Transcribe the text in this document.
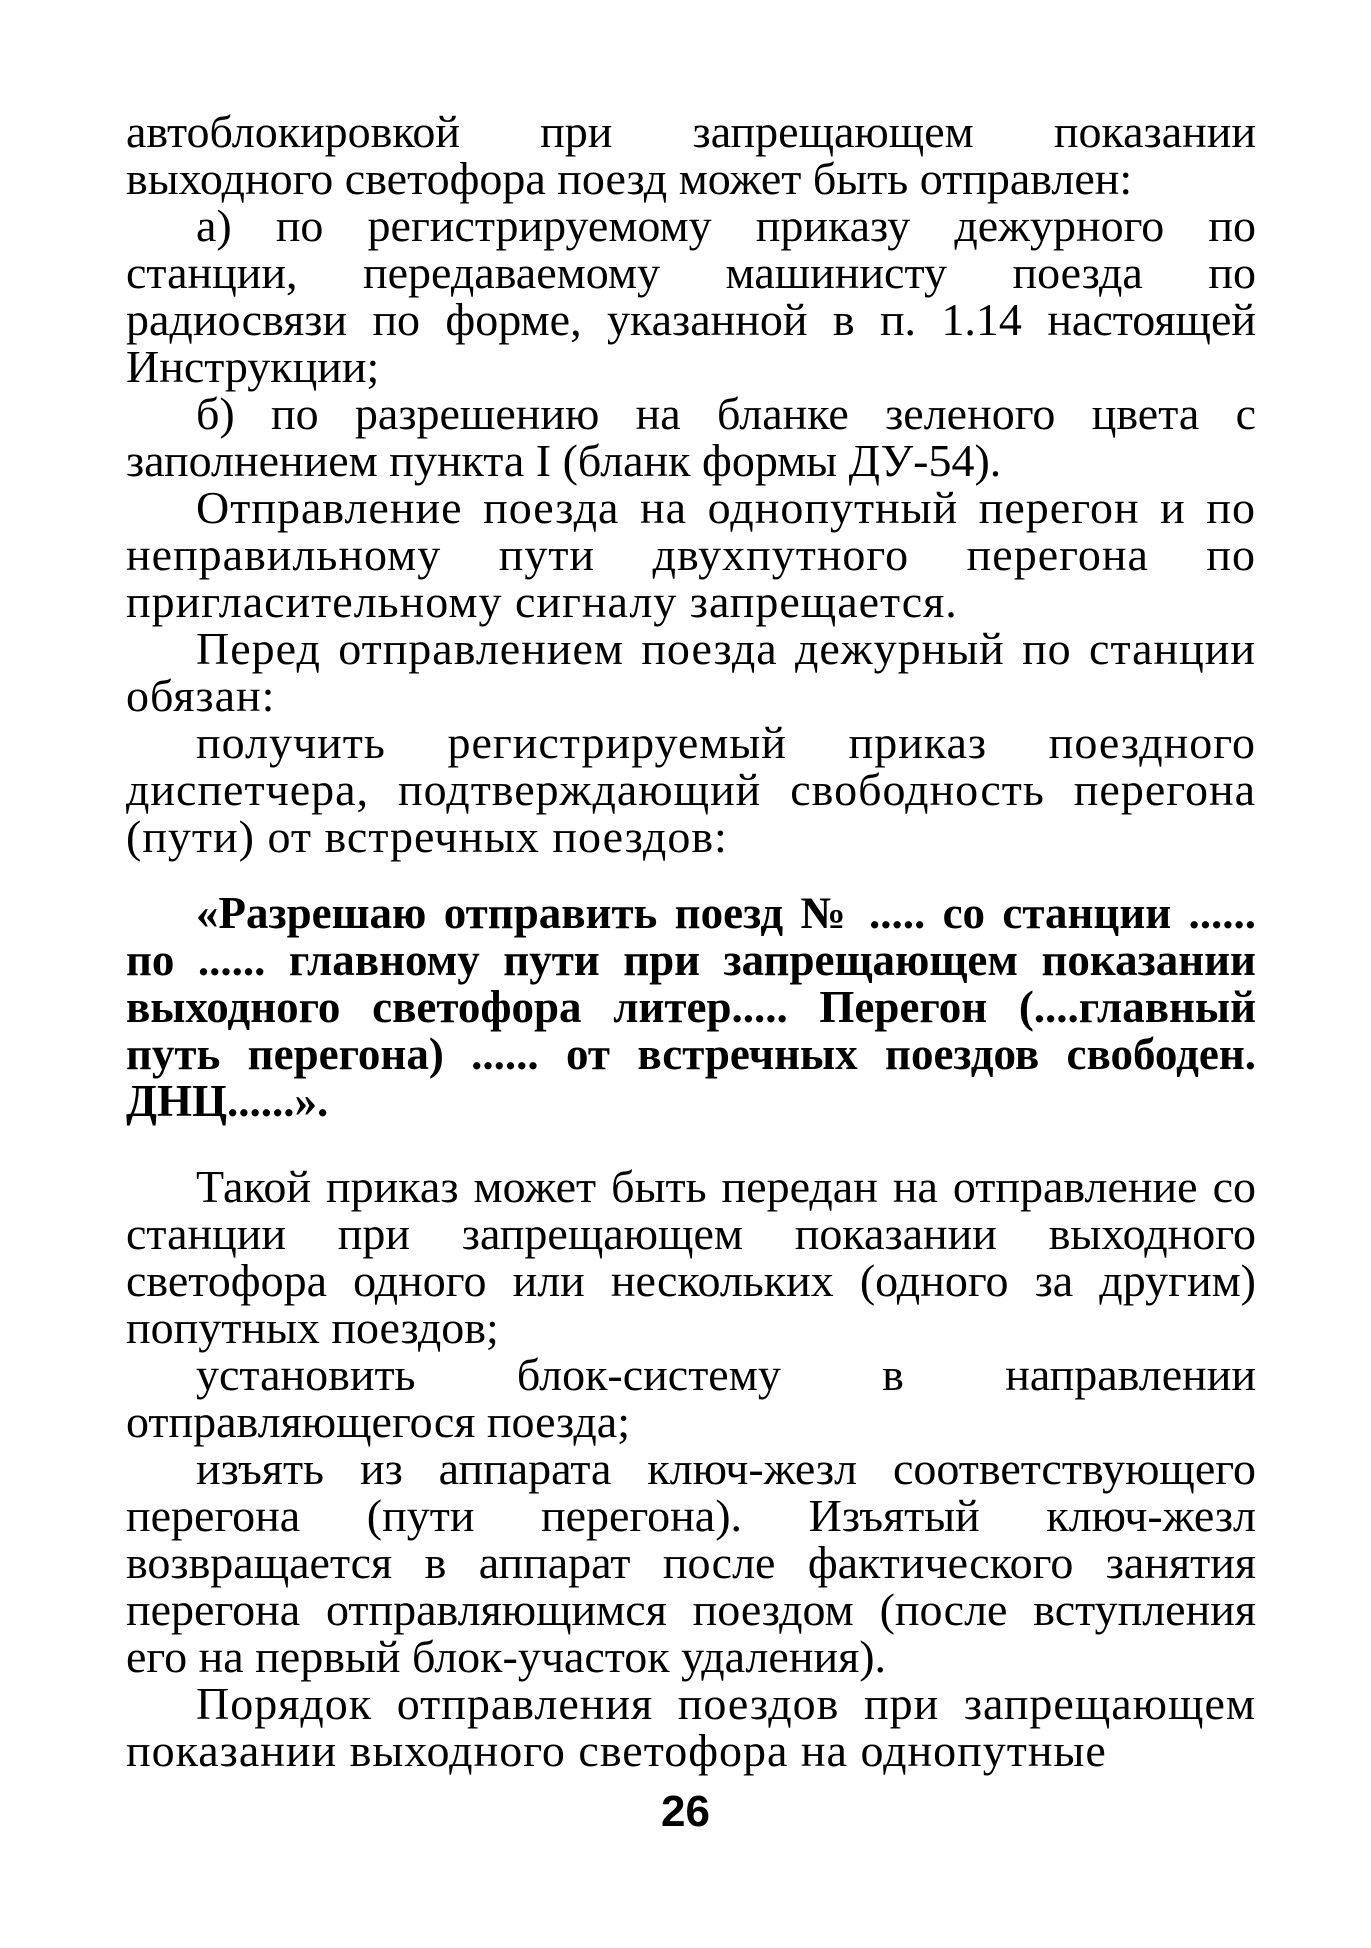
автоблокировкой при запрещающем показании выходного светофора поезд может быть отправлен:

а) по регистрируемому приказу дежурного по станции, передаваемому машинисту поезда по радиосвязи по форме, указанной в п. 1.14 настоящей Инструкции;

б) по разрешению на бланке зеленого цвета с заполнением пункта I (бланк формы ДУ-54).

Отправление поезда на однопутный перегон и по неправильному пути двухпутного перегона по пригласительному сигналу запрещается.

Перед отправлением поезда дежурный по станции обязан:

получить регистрируемый приказ поездного диспетчера, подтверждающий свободность перегона (пути) от встречных поездов:

«Разрешаю отправить поезд № ..... со станции ...... по ...... главному пути при запрещающем показании выходного светофора литер..... Перегон (....главный путь перегона) ...... от встречных поездов свободен. ДНЦ......».

Такой приказ может быть передан на отправление со станции при запрещающем показании выходного светофора одного или нескольких (одного за другим) попутных поездов;

установить блок-систему в направлении отправляющегося поезда;

изъять из аппарата ключ-жезл соответствующего перегона (пути перегона). Изъятый ключ-жезл возвращается в аппарат после фактического занятия перегона отправляющимся поездом (после вступления его на первый блок-участок удаления).

Порядок отправления поездов при запрещающем показании выходного светофора на однопутные

26
